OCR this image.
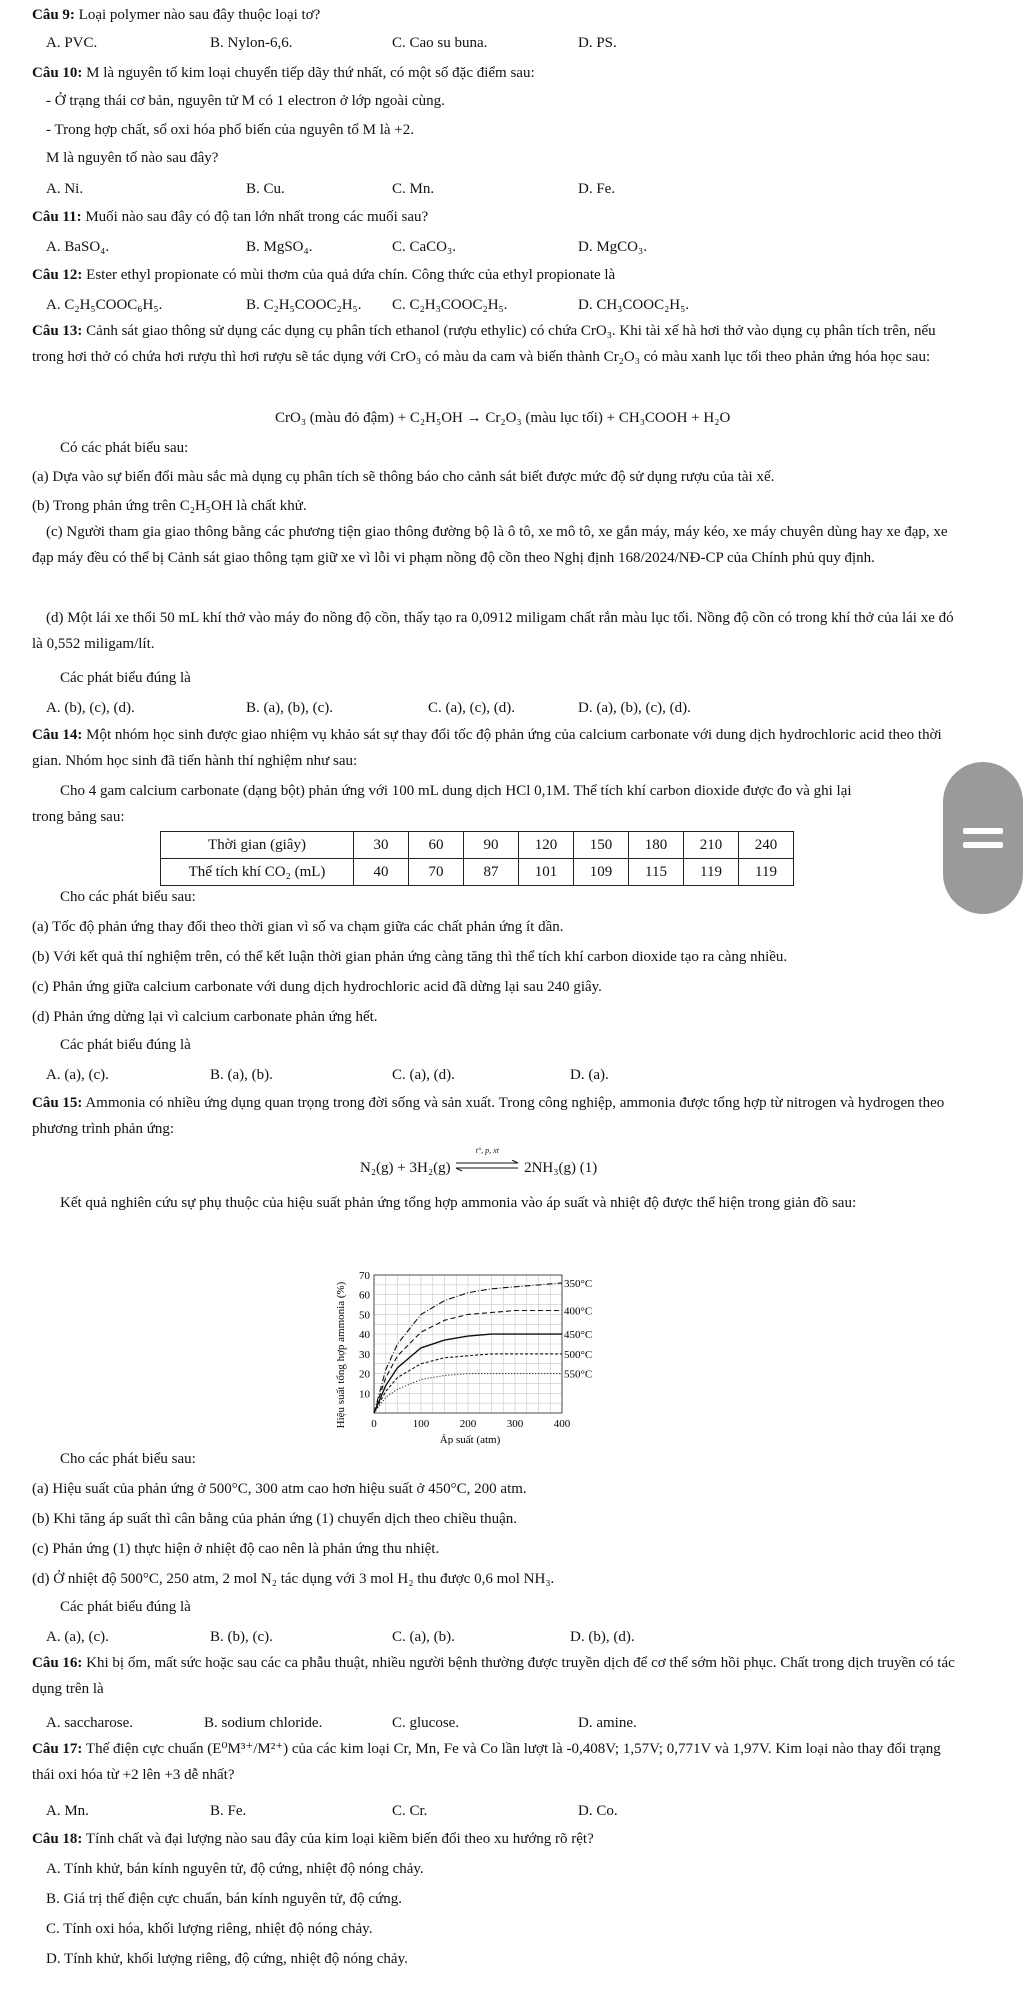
Câu 9: Loại polymer nào sau đây thuộc loại tơ?
A. PVC.	B. Nylon-6,6.	C. Cao su buna.	D. PS.
Câu 10: M là nguyên tố kim loại chuyển tiếp dãy thứ nhất, có một số đặc điểm sau:
- Ở trạng thái cơ bản, nguyên tử M có 1 electron ở lớp ngoài cùng.
- Trong hợp chất, số oxi hóa phổ biến của nguyên tố M là +2.
M là nguyên tố nào sau đây?
A. Ni.	B. Cu.	C. Mn.	D. Fe.
Câu 11: Muối nào sau đây có độ tan lớn nhất trong các muối sau?
A. BaSO₄.	B. MgSO₄.	C. CaCO₃.	D. MgCO₃.
Câu 12: Ester ethyl propionate có mùi thơm của quả dứa chín. Công thức của ethyl propionate là
A. C₂H₅COOC₆H₅.	B. C₂H₅COOC₂H₅. C. C₂H₃COOC₂H₅.	D. CH₃COOC₂H₅.
Câu 13: Cảnh sát giao thông sử dụng các dụng cụ phân tích ethanol (rượu ethylic) có chứa CrO₃. Khi tài xế hà hơi thở vào dụng cụ phân tích trên, nếu trong hơi thở có chứa hơi rượu thì hơi rượu sẽ tác dụng với CrO₃ có màu da cam và biến thành Cr₂O₃ có màu xanh lục tối theo phản ứng hóa học sau:
CrO₃ (màu đỏ đậm) + C₂H₅OH → Cr₂O₃ (màu lục tối) + CH₃COOH + H₂O
Có các phát biểu sau:
(a) Dựa vào sự biến đổi màu sắc mà dụng cụ phân tích sẽ thông báo cho cảnh sát biết được mức độ sử dụng rượu của tài xế.
(b) Trong phản ứng trên C₂H₅OH là chất khử.
(c) Người tham gia giao thông bằng các phương tiện giao thông đường bộ là ô tô, xe mô tô, xe gắn máy, máy kéo, xe máy chuyên dùng hay xe đạp, xe đạp máy đều có thể bị Cảnh sát giao thông tạm giữ xe vì lỗi vi phạm nồng độ cồn theo Nghị định 168/2024/NĐ-CP của Chính phủ quy định.
(d) Một lái xe thổi 50 mL khí thở vào máy đo nồng độ cồn, thấy tạo ra 0,0912 miligam chất rắn màu lục tối. Nồng độ cồn có trong khí thở của lái xe đó là 0,552 miligam/lít.
Các phát biểu đúng là
A. (b), (c), (d).	B. (a), (b), (c).	C. (a), (c), (d).	D. (a), (b), (c), (d).
Câu 14: Một nhóm học sinh được giao nhiệm vụ khảo sát sự thay đổi tốc độ phản ứng của calcium carbonate với dung dịch hydrochloric acid theo thời gian. Nhóm học sinh đã tiến hành thí nghiệm như sau:
Cho 4 gam calcium carbonate (dạng bột) phản ứng với 100 mL dung dịch HCl 0,1M. Thể tích khí carbon dioxide được đo và ghi lại
trong bảng sau:
Thời gian (giây)	30	60	90	120	150	180	210	240
Thể tích khí CO₂ (mL)	40	70	87	101	109	115	119	119
Cho các phát biểu sau:
(a) Tốc độ phản ứng thay đổi theo thời gian vì số va chạm giữa các chất phản ứng ít dần.
(b) Với kết quả thí nghiệm trên, có thể kết luận thời gian phản ứng càng tăng thì thể tích khí carbon dioxide tạo ra càng nhiều.
(c) Phản ứng giữa calcium carbonate với dung dịch hydrochloric acid đã dừng lại sau 240 giây.
(d) Phản ứng dừng lại vì calcium carbonate phản ứng hết.
Các phát biểu đúng là
A. (a), (c).	B. (a), (b).	C. (a), (d).	D. (a).
Câu 15: Ammonia có nhiều ứng dụng quan trọng trong đời sống và sản xuất. Trong công nghiệp, ammonia được tổng hợp từ nitrogen và hydrogen theo phương trình phản ứng:
N₂(g) + 3H₂(g)
t°, p, xt
2NH₃(g) (1)
Kết quả nghiên cứu sự phụ thuộc của hiệu suất phản ứng tổng hợp ammonia vào áp suất và nhiệt độ được thể hiện trong giản đồ sau:
10
20
30
40
50
60
70
0	100	200	300	400
350°C
400°C
450°C
500°C
550°C
Áp suất (atm)
Hiệu suất tổng hợp ammonia (%)
Cho các phát biểu sau:
(a) Hiệu suất của phản ứng ở 500°C, 300 atm cao hơn hiệu suất ở 450°C, 200 atm.
(b) Khi tăng áp suất thì cân bằng của phản ứng (1) chuyển dịch theo chiều thuận.
(c) Phản ứng (1) thực hiện ở nhiệt độ cao nên là phản ứng thu nhiệt.
(d) Ở nhiệt độ 500°C, 250 atm, 2 mol N₂ tác dụng với 3 mol H₂ thu được 0,6 mol NH₃.
Các phát biểu đúng là
A. (a), (c).	B. (b), (c).	C. (a), (b).	D. (b), (d).
Câu 16: Khi bị ốm, mất sức hoặc sau các ca phẫu thuật, nhiều người bệnh thường được truyền dịch để cơ thể sớm hồi phục. Chất trong dịch truyền có tác dụng trên là
A. saccharose.	B. sodium chloride.	C. glucose.	D. amine.
Câu 17: Thế điện cực chuẩn (E⁰M³⁺/M²⁺) của các kim loại Cr, Mn, Fe và Co lần lượt là -0,408V; 1,57V; 0,771V và 1,97V. Kim loại nào thay đổi trạng thái oxi hóa từ +2 lên +3 dễ nhất?
A. Mn.	B. Fe.	C. Cr.	D. Co.
Câu 18: Tính chất và đại lượng nào sau đây của kim loại kiềm biến đổi theo xu hướng rõ rệt?
A. Tính khử, bán kính nguyên tử, độ cứng, nhiệt độ nóng chảy.
B. Giá trị thế điện cực chuẩn, bán kính nguyên tử, độ cứng.
C. Tính oxi hóa, khối lượng riêng, nhiệt độ nóng chảy.
D. Tính khử, khối lượng riêng, độ cứng, nhiệt độ nóng chảy.
